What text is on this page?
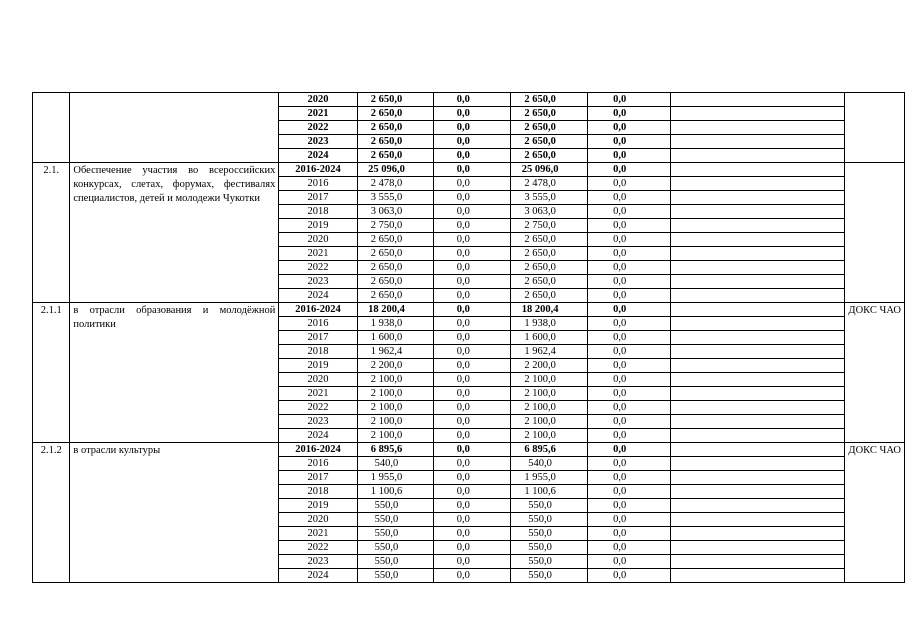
		2020	2 650,0	0,0	2 650,0	0,0		
		2021	2 650,0	0,0	2 650,0	0,0		
		2022	2 650,0	0,0	2 650,0	0,0		
		2023	2 650,0	0,0	2 650,0	0,0		
		2024	2 650,0	0,0	2 650,0	0,0		
2.1.	Обеспечение участия во всероссийских конкурсах, слетах, форумах, фестивалях специалистов, детей и молодежи Чукотки	2016-2024	25 096,0	0,0	25 096,0	0,0		
		2016	2 478,0	0,0	2 478,0	0,0		
		2017	3 555,0	0,0	3 555,0	0,0		
		2018	3 063,0	0,0	3 063,0	0,0		
		2019	2 750,0	0,0	2 750,0	0,0		
		2020	2 650,0	0,0	2 650,0	0,0		
		2021	2 650,0	0,0	2 650,0	0,0		
		2022	2 650,0	0,0	2 650,0	0,0		
		2023	2 650,0	0,0	2 650,0	0,0		
		2024	2 650,0	0,0	2 650,0	0,0		
2.1.1	в отрасли образования и молодёжной политики	2016-2024	18 200,4	0,0	18 200,4	0,0		ДОКС ЧАО
		2016	1 938,0	0,0	1 938,0	0,0		
		2017	1 600,0	0,0	1 600,0	0,0		
		2018	1 962,4	0,0	1 962,4	0,0		
		2019	2 200,0	0,0	2 200,0	0,0		
		2020	2 100,0	0,0	2 100,0	0,0		
		2021	2 100,0	0,0	2 100,0	0,0		
		2022	2 100,0	0,0	2 100,0	0,0		
		2023	2 100,0	0,0	2 100,0	0,0		
		2024	2 100,0	0,0	2 100,0	0,0		
2.1.2	в отрасли культуры	2016-2024	6 895,6	0,0	6 895,6	0,0		ДОКС ЧАО
		2016	540,0	0,0	540,0	0,0		
		2017	1 955,0	0,0	1 955,0	0,0		
		2018	1 100,6	0,0	1 100,6	0,0		
		2019	550,0	0,0	550,0	0,0		
		2020	550,0	0,0	550,0	0,0		
		2021	550,0	0,0	550,0	0,0		
		2022	550,0	0,0	550,0	0,0		
		2023	550,0	0,0	550,0	0,0		
		2024	550,0	0,0	550,0	0,0		
